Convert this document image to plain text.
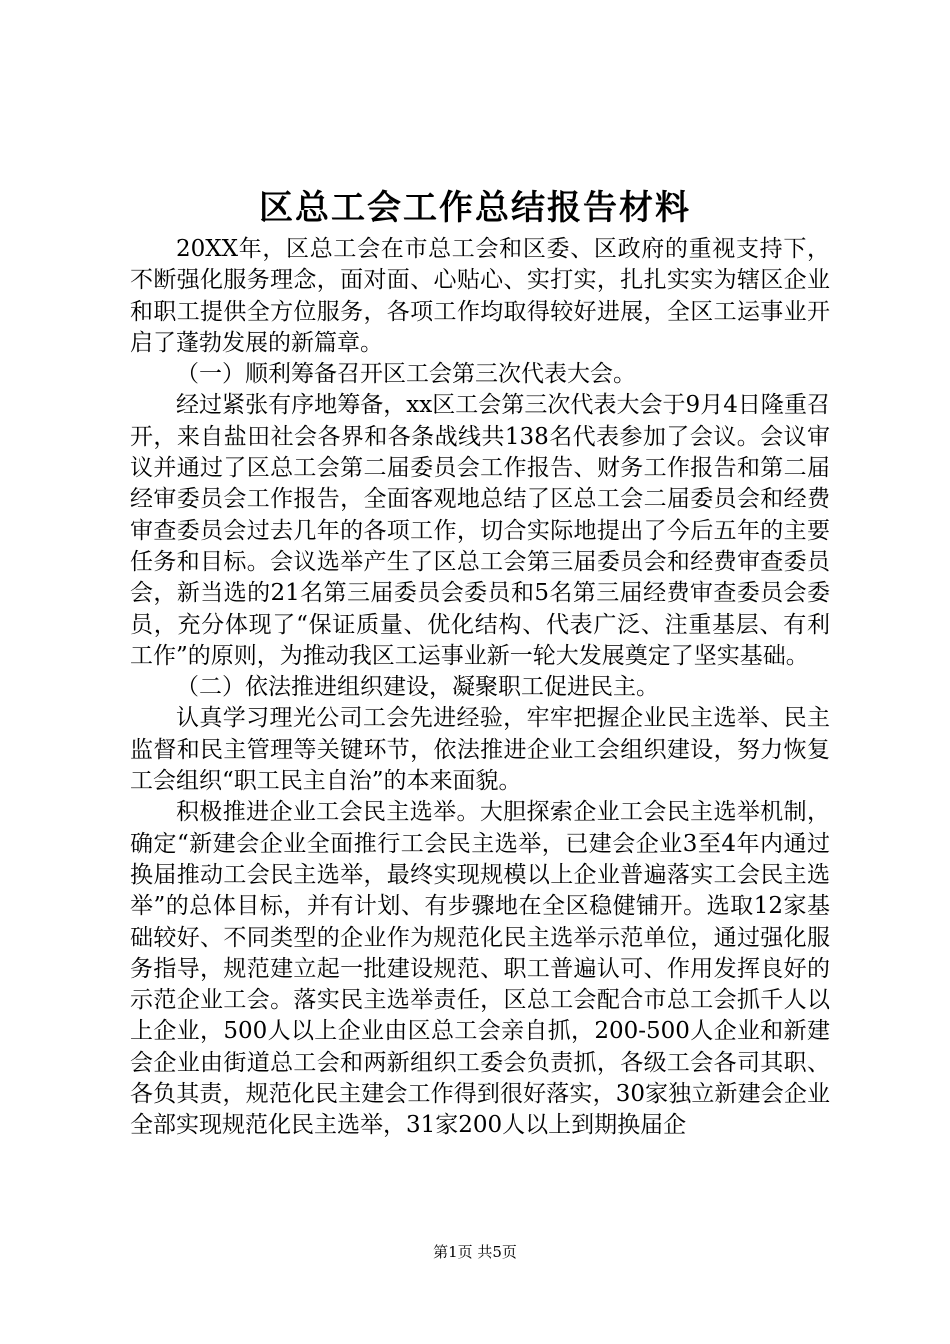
区总工会工作总结报告材料

20XX年，区总工会在市总工会和区委、区政府的重视支持下，不断强化服务理念，面对面、心贴心、实打实，扎扎实实为辖区企业和职工提供全方位服务，各项工作均取得较好进展，全区工运事业开启了蓬勃发展的新篇章。

（一）顺利筹备召开区工会第三次代表大会。

经过紧张有序地筹备，xx区工会第三次代表大会于9月4日隆重召开，来自盐田社会各界和各条战线共138名代表参加了会议。会议审议并通过了区总工会第二届委员会工作报告、财务工作报告和第二届经审委员会工作报告，全面客观地总结了区总工会二届委员会和经费审查委员会过去几年的各项工作，切合实际地提出了今后五年的主要任务和目标。会议选举产生了区总工会第三届委员会和经费审查委员会，新当选的21名第三届委员会委员和5名第三届经费审查委员会委员，充分体现了“保证质量、优化结构、代表广泛、注重基层、有利工作”的原则，为推动我区工运事业新一轮大发展奠定了坚实基础。

（二）依法推进组织建设，凝聚职工促进民主。

认真学习理光公司工会先进经验，牢牢把握企业民主选举、民主监督和民主管理等关键环节，依法推进企业工会组织建设，努力恢复工会组织“职工民主自治”的本来面貌。

积极推进企业工会民主选举。大胆探索企业工会民主选举机制，确定“新建会企业全面推行工会民主选举，已建会企业3至4年内通过换届推动工会民主选举，最终实现规模以上企业普遍落实工会民主选举”的总体目标，并有计划、有步骤地在全区稳健铺开。选取12家基础较好、不同类型的企业作为规范化民主选举示范单位，通过强化服务指导，规范建立起一批建设规范、职工普遍认可、作用发挥良好的示范企业工会。落实民主选举责任，区总工会配合市总工会抓千人以上企业，500人以上企业由区总工会亲自抓，200-500人企业和新建会企业由街道总工会和两新组织工委会负责抓，各级工会各司其职、各负其责，规范化民主建会工作得到很好落实，30家独立新建会企业全部实现规范化民主选举，31家200人以上到期换届企

第1页 共5页
